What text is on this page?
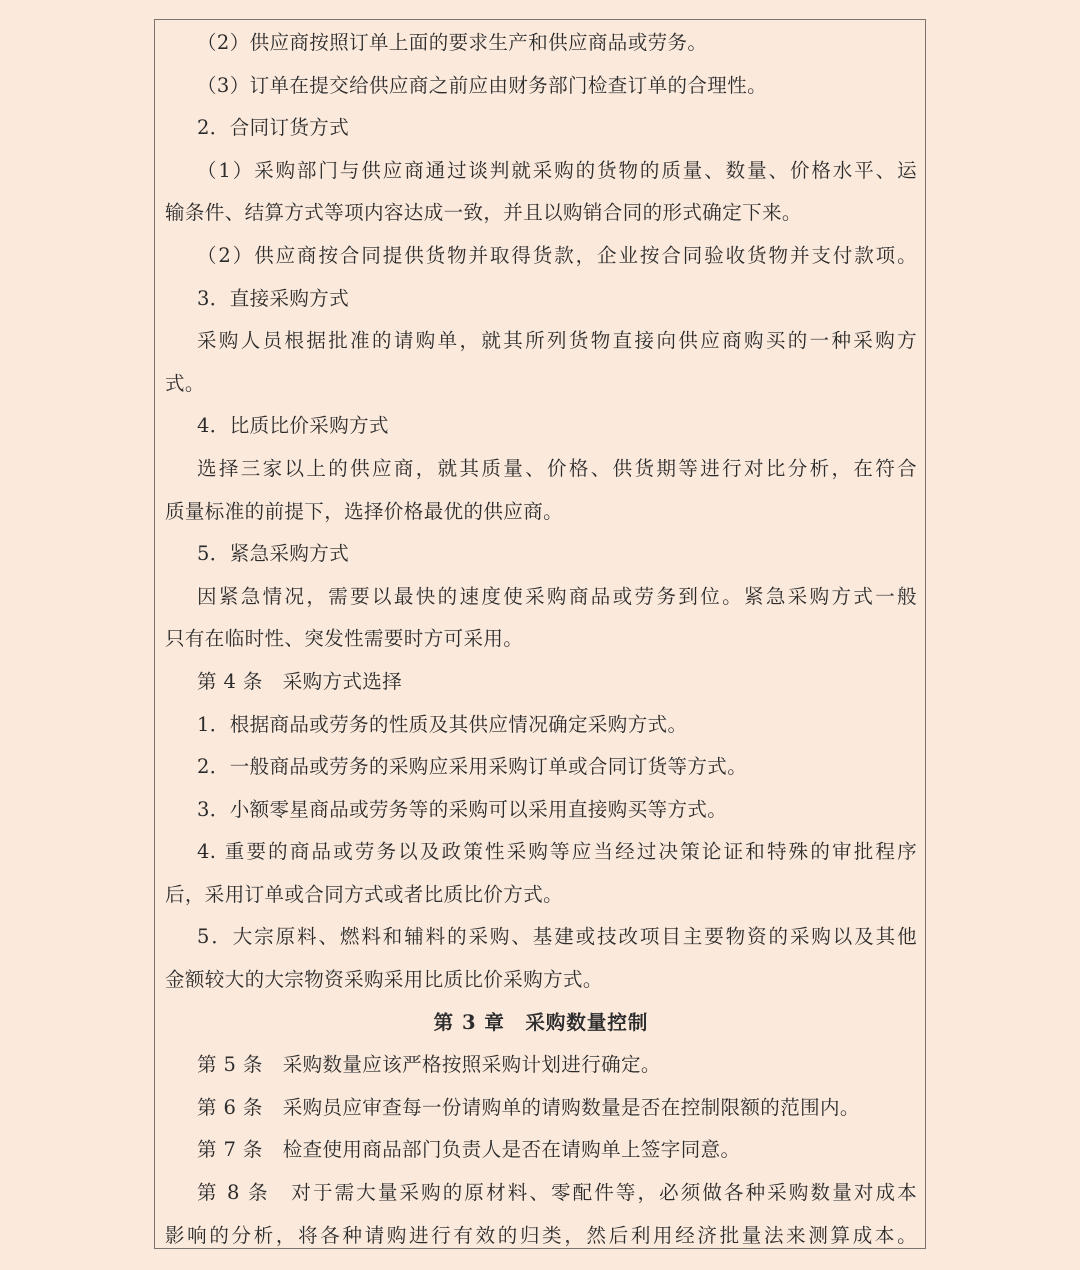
（2）供应商按照订单上面的要求生产和供应商品或劳务。
（3）订单在提交给供应商之前应由财务部门检查订单的合理性。
2．合同订货方式
（1）采购部门与供应商通过谈判就采购的货物的质量、数量、价格水平、运
输条件、结算方式等项内容达成一致，并且以购销合同的形式确定下来。
（2）供应商按合同提供货物并取得货款，企业按合同验收货物并支付款项。
3．直接采购方式
采购人员根据批准的请购单，就其所列货物直接向供应商购买的一种采购方
式。
4．比质比价采购方式
选择三家以上的供应商，就其质量、价格、供货期等进行对比分析，在符合
质量标准的前提下，选择价格最优的供应商。
5．紧急采购方式
因紧急情况，需要以最快的速度使采购商品或劳务到位。紧急采购方式一般
只有在临时性、突发性需要时方可采用。
第 4 条　采购方式选择
1．根据商品或劳务的性质及其供应情况确定采购方式。
2．一般商品或劳务的采购应采用采购订单或合同订货等方式。
3．小额零星商品或劳务等的采购可以采用直接购买等方式。
4. 重要的商品或劳务以及政策性采购等应当经过决策论证和特殊的审批程序
后，采用订单或合同方式或者比质比价方式。
5．大宗原料、燃料和辅料的采购、基建或技改项目主要物资的采购以及其他
金额较大的大宗物资采购采用比质比价采购方式。
第 3 章　采购数量控制
第 5 条　采购数量应该严格按照采购计划进行确定。
第 6 条　采购员应审查每一份请购单的请购数量是否在控制限额的范围内。
第 7 条　检查使用商品部门负责人是否在请购单上签字同意。
第 8 条　对于需大量采购的原材料、零配件等，必须做各种采购数量对成本
影响的分析，将各种请购进行有效的归类，然后利用经济批量法来测算成本。
